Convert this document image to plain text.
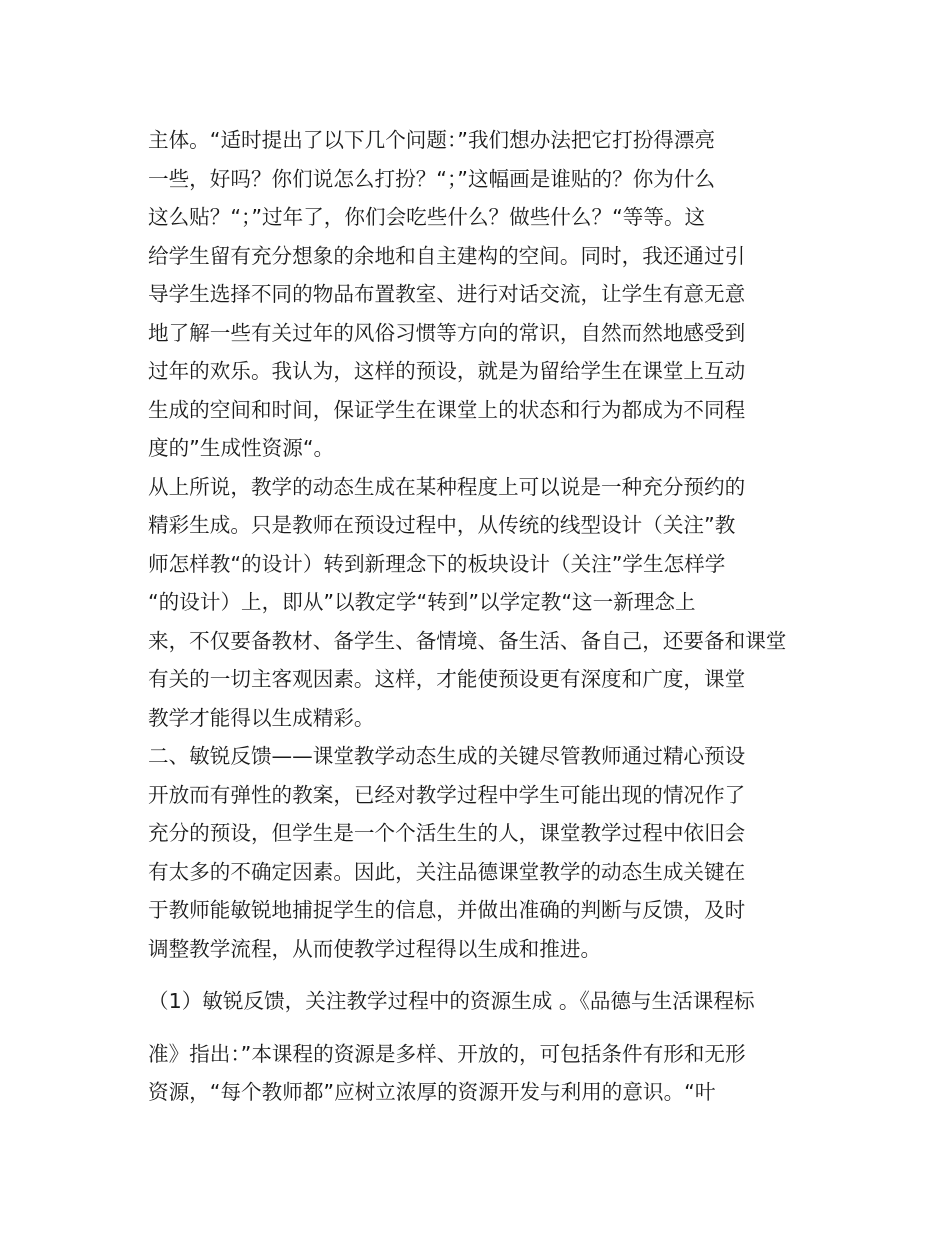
主体。“适时提出了以下几个问题：”我们想办法把它打扮得漂亮
一些，好吗？你们说怎么打扮？“；”这幅画是谁贴的？你为什么
这么贴？“；”过年了，你们会吃些什么？做些什么？“等等。这
给学生留有充分想象的余地和自主建构的空间。同时，我还通过引
导学生选择不同的物品布置教室、进行对话交流，让学生有意无意
地了解一些有关过年的风俗习惯等方向的常识，自然而然地感受到
过年的欢乐。我认为，这样的预设，就是为留给学生在课堂上互动
生成的空间和时间，保证学生在课堂上的状态和行为都成为不同程
度的”生成性资源“。
从上所说，教学的动态生成在某种程度上可以说是一种充分预约的
精彩生成。只是教师在预设过程中，从传统的线型设计（关注”教
师怎样教“的设计）转到新理念下的板块设计（关注”学生怎样学
“的设计）上，即从”以教定学“转到”以学定教“这一新理念上
来，不仅要备教材、备学生、备情境、备生活、备自己，还要备和课堂
有关的一切主客观因素。这样，才能使预设更有深度和广度，课堂
教学才能得以生成精彩。
二、敏锐反馈——课堂教学动态生成的关键尽管教师通过精心预设
开放而有弹性的教案，已经对教学过程中学生可能出现的情况作了
充分的预设，但学生是一个个活生生的人，课堂教学过程中依旧会
有太多的不确定因素。因此，关注品德课堂教学的动态生成关键在
于教师能敏锐地捕捉学生的信息，并做出准确的判断与反馈，及时
调整教学流程，从而使教学过程得以生成和推进。
（1）敏锐反馈，关注教学过程中的资源生成 。《品德与生活课程标
准》指出：”本课程的资源是多样、开放的，可包括条件有形和无形
资源，“每个教师都”应树立浓厚的资源开发与利用的意识。“叶
